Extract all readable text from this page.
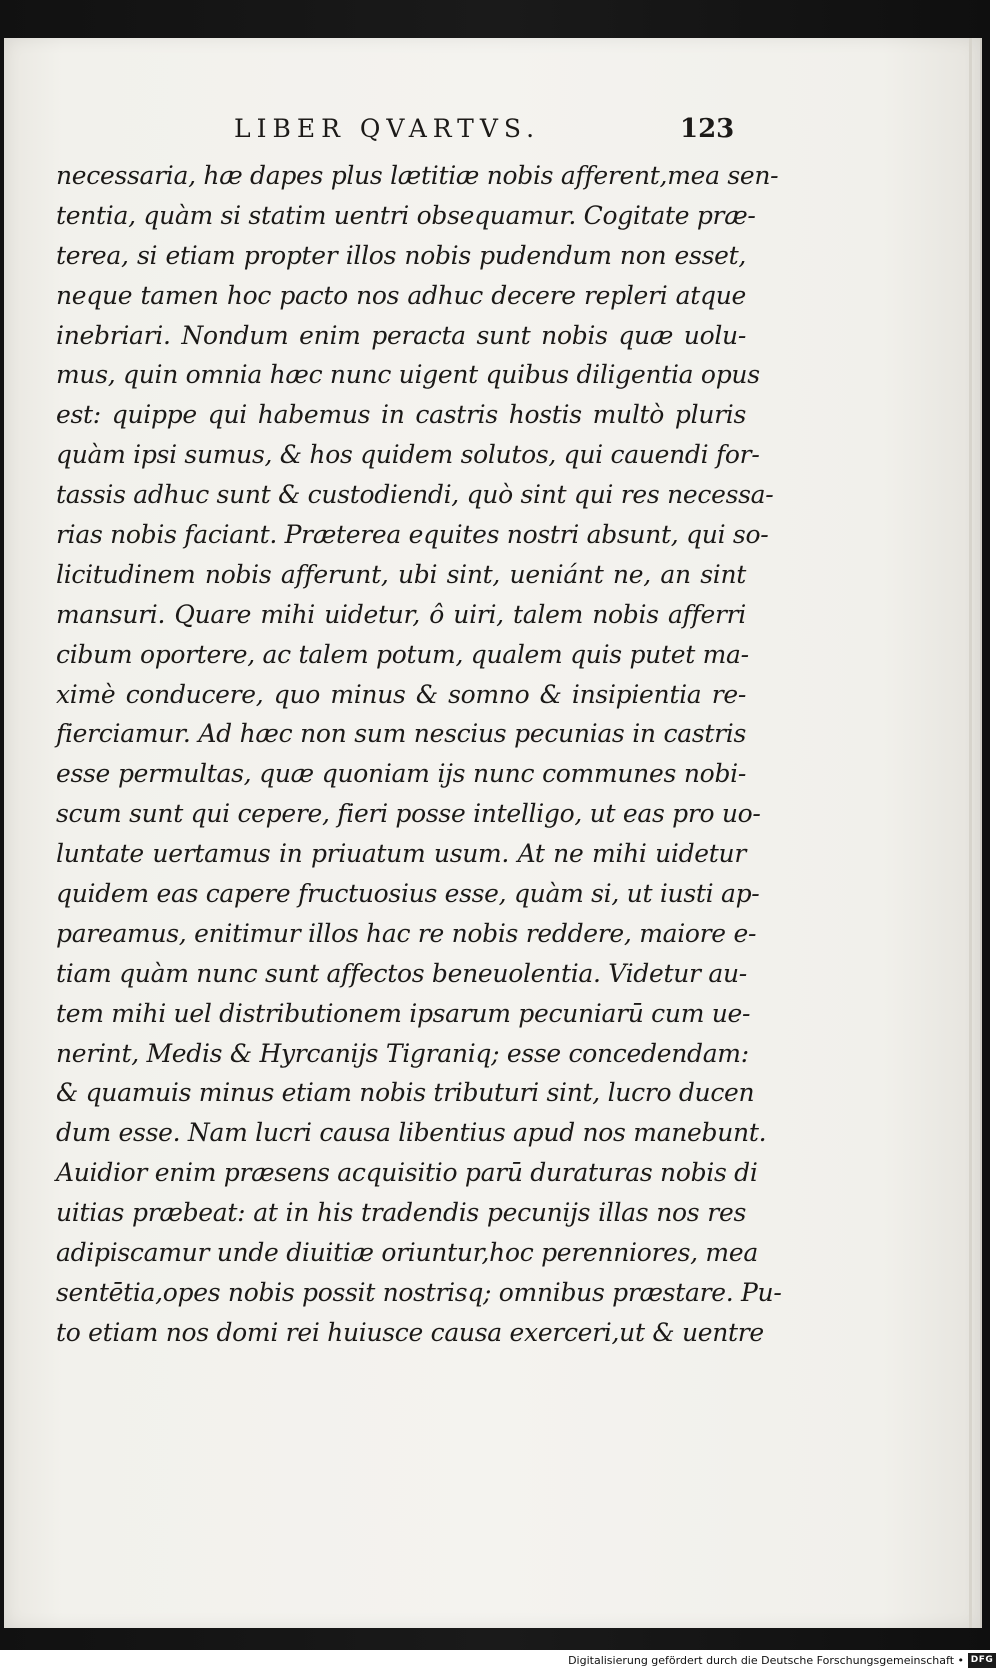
LIBER QVARTVS.	123
necessaria, hæ dapes plus lætitiæ nobis afferent,mea sen-
tentia, quàm si statim uentri obsequamur. Cogitate præ-
terea, si etiam propter illos nobis pudendum non esset,
neque tamen hoc pacto nos adhuc decere repleri atque
inebriari. Nondum enim peracta sunt nobis quæ uolu-
mus, quin omnia hæc nunc uigent quibus diligentia opus
est: quippe qui habemus in castris hostis multò pluris
quàm ipsi sumus, & hos quidem solutos, qui cauendi for-
tassis adhuc sunt & custodiendi, quò sint qui res necessa-
rias nobis faciant. Præterea equites nostri absunt, qui so-
licitudinem nobis afferunt, ubi sint, ueniánt ne, an sint
mansuri. Quare mihi uidetur, ô uiri, talem nobis afferri
cibum oportere, ac talem potum, qualem quis putet ma-
ximè conducere, quo minus & somno & insipientia re-
fierciamur. Ad hæc non sum nescius pecunias in castris
esse permultas, quæ quoniam ijs nunc communes nobi-
scum sunt qui cepere, fieri posse intelligo, ut eas pro uo-
luntate uertamus in priuatum usum. At ne mihi uidetur
quidem eas capere fructuosius esse, quàm si, ut iusti ap-
pareamus, enitimur illos hac re nobis reddere, maiore e-
tiam quàm nunc sunt affectos beneuolentia. Videtur au-
tem mihi uel distributionem ipsarum pecuniarū cum ue-
nerint, Medis & Hyrcanijs Tigraniq; esse concedendam:
& quamuis minus etiam nobis tributuri sint, lucro ducen
dum esse. Nam lucri causa libentius apud nos manebunt.
Auidior enim præsens acquisitio parū duraturas nobis di
uitias præbeat: at in his tradendis pecunijs illas nos res
adipiscamur unde diuitiæ oriuntur,hoc perenniores, mea
sentētia,opes nobis possit nostrisq; omnibus præstare. Pu-
to etiam nos domi rei huiusce causa exerceri,ut & uentre
Digitalisierung gefördert durch die Deutsche Forschungsgemeinschaft • DFG
